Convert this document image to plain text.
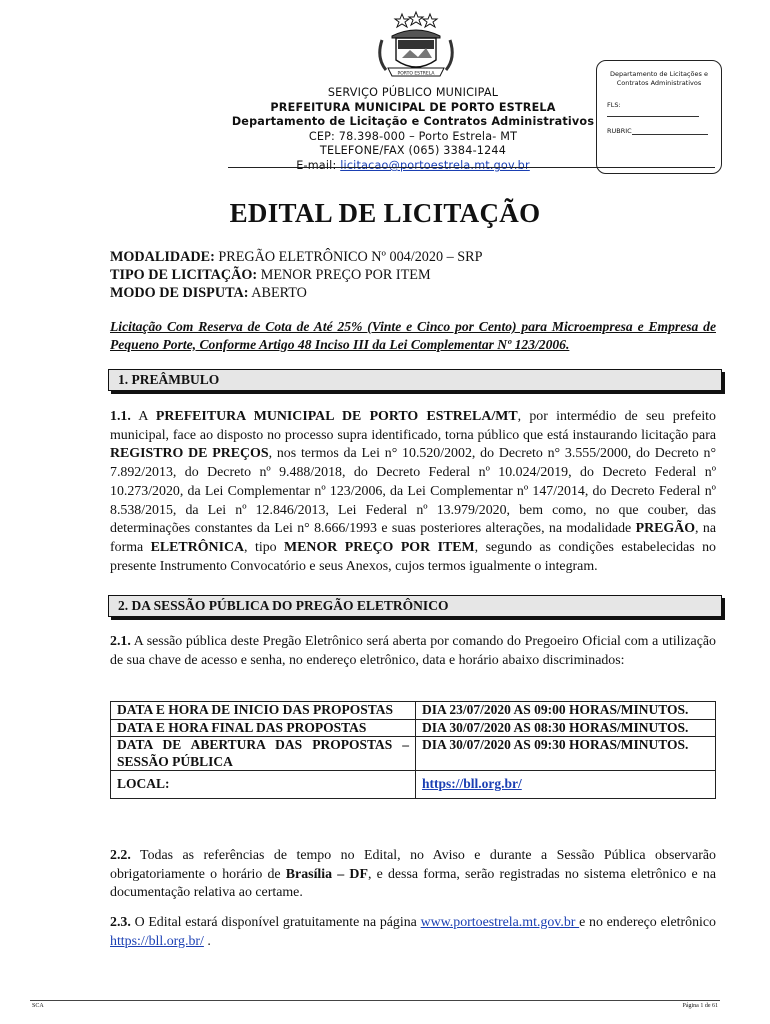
PORTO ESTRELA
SERVIÇO PÚBLICO MUNICIPAL
PREFEITURA MUNICIPAL DE PORTO ESTRELA
Departamento de Licitação e Contratos Administrativos
CEP: 78.398-000 – Porto Estrela- MT
TELEFONE/FAX (065) 3384-1244
E-mail: licitacao@portoestrela.mt.gov.br
Departamento de Licitações e
Contratos Administrativos
FLS:
RUBRIC
EDITAL DE LICITAÇÃO
MODALIDADE: PREGÃO ELETRÔNICO Nº 004/2020 – SRP
TIPO DE LICITAÇÃO: MENOR PREÇO POR ITEM
MODO DE DISPUTA: ABERTO
Licitação Com Reserva de Cota de Até 25% (Vinte e Cinco por Cento) para Microempresa e Empresa de Pequeno Porte, Conforme Artigo 48 Inciso III da Lei Complementar Nº 123/2006.
1. PREÂMBULO
1.1. A PREFEITURA MUNICIPAL DE PORTO ESTRELA/MT, por intermédio de seu prefeito municipal, face ao disposto no processo supra identificado, torna público que está instaurando licitação para REGISTRO DE PREÇOS, nos termos da Lei n° 10.520/2002, do Decreto n° 3.555/2000, do Decreto n° 7.892/2013, do Decreto nº 9.488/2018, do Decreto Federal nº 10.024/2019, do Decreto Federal nº 10.273/2020, da Lei Complementar nº 123/2006, da Lei Complementar nº 147/2014, do Decreto Federal nº 8.538/2015, da Lei nº 12.846/2013, Lei Federal nº 13.979/2020, bem como, no que couber, das determinações constantes da Lei n° 8.666/1993 e suas posteriores alterações, na modalidade PREGÃO, na forma ELETRÔNICA, tipo MENOR PREÇO POR ITEM, segundo as condições estabelecidas no presente Instrumento Convocatório e seus Anexos, cujos termos igualmente o integram.
2. DA SESSÃO PÚBLICA DO PREGÃO ELETRÔNICO
2.1. A sessão pública deste Pregão Eletrônico será aberta por comando do Pregoeiro Oficial com a utilização de sua chave de acesso e senha, no endereço eletrônico, data e horário abaixo discriminados:
DATA E HORA DE INICIO DAS PROPOSTAS	DIA 23/07/2020 AS 09:00 HORAS/MINUTOS.
DATA E HORA FINAL DAS PROPOSTAS	DIA 30/07/2020 AS 08:30 HORAS/MINUTOS.
DATA DE ABERTURA DAS PROPOSTAS – SESSÃO PÚBLICA	DIA 30/07/2020 AS 09:30 HORAS/MINUTOS.
LOCAL:	https://bll.org.br/
2.2. Todas as referências de tempo no Edital, no Aviso e durante a Sessão Pública observarão obrigatoriamente o horário de Brasília – DF, e dessa forma, serão registradas no sistema eletrônico e na documentação relativa ao certame.
2.3. O Edital estará disponível gratuitamente na página www.portoestrela.mt.gov.br e no endereço eletrônico https://bll.org.br/ .
SCA	Página 1 de 61
